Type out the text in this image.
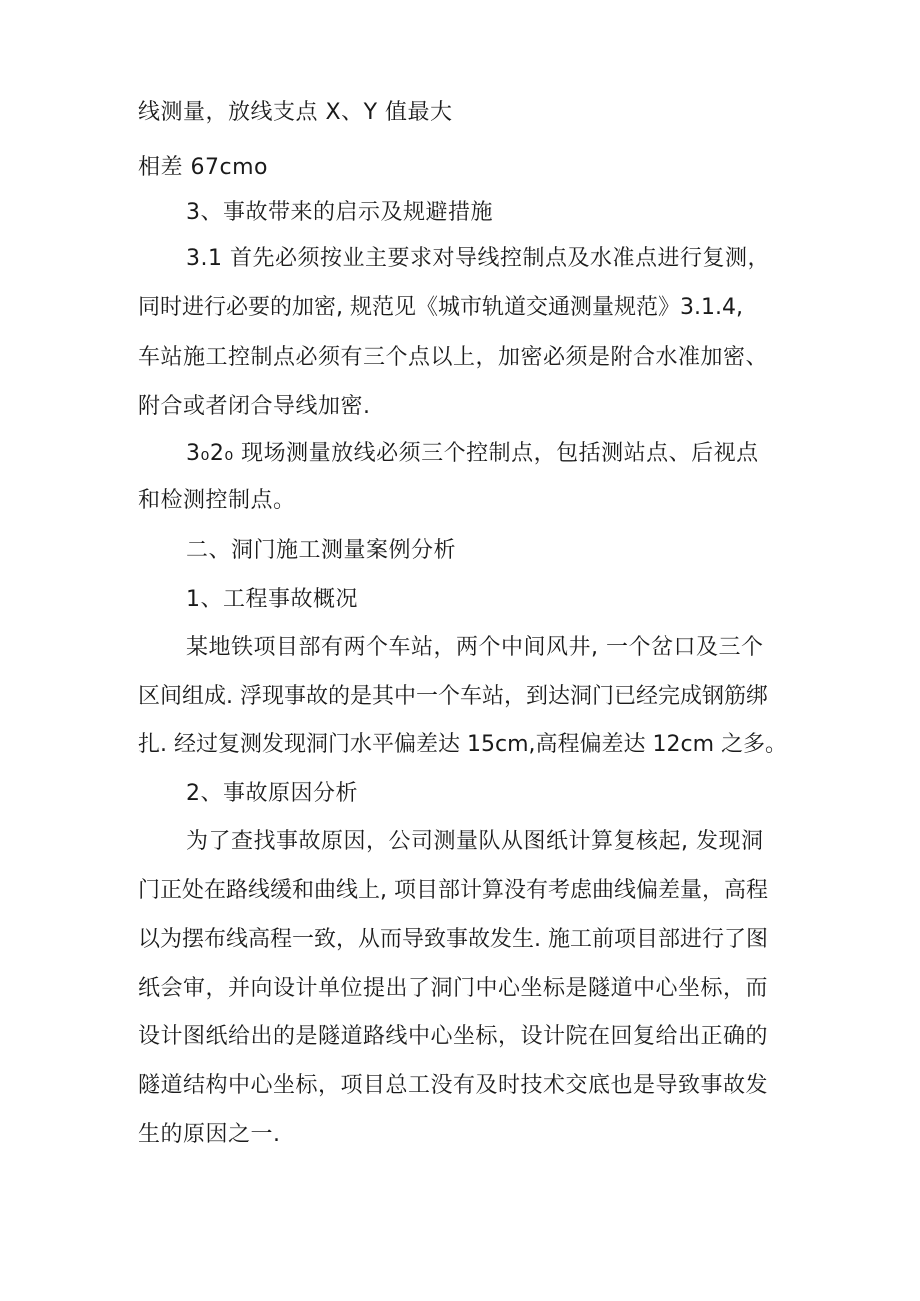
线测量，放线支点 X、Y 值最大
相差 67cmo
3、事故带来的启示及规避措施
3.1 首先必须按业主要求对导线控制点及水准点进行复测，
同时进行必要的加密, 规范见《城市轨道交通测量规范》3.1.4,
车站施工控制点必须有三个点以上，加密必须是附合水准加密、
附合或者闭合导线加密.
3₀2₀ 现场测量放线必须三个控制点，包括测站点、后视点
和检测控制点。
二、洞门施工测量案例分析
1、工程事故概况
某地铁项目部有两个车站，两个中间风井, 一个岔口及三个
区间组成. 浮现事故的是其中一个车站，到达洞门已经完成钢筋绑
扎. 经过复测发现洞门水平偏差达 15cm,高程偏差达 12cm 之多。
2、事故原因分析
为了查找事故原因，公司测量队从图纸计算复核起, 发现洞
门正处在路线缓和曲线上, 项目部计算没有考虑曲线偏差量，高程
以为摆布线高程一致，从而导致事故发生. 施工前项目部进行了图
纸会审，并向设计单位提出了洞门中心坐标是隧道中心坐标，而
设计图纸给出的是隧道路线中心坐标，设计院在回复给出正确的
隧道结构中心坐标，项目总工没有及时技术交底也是导致事故发
生的原因之一.
